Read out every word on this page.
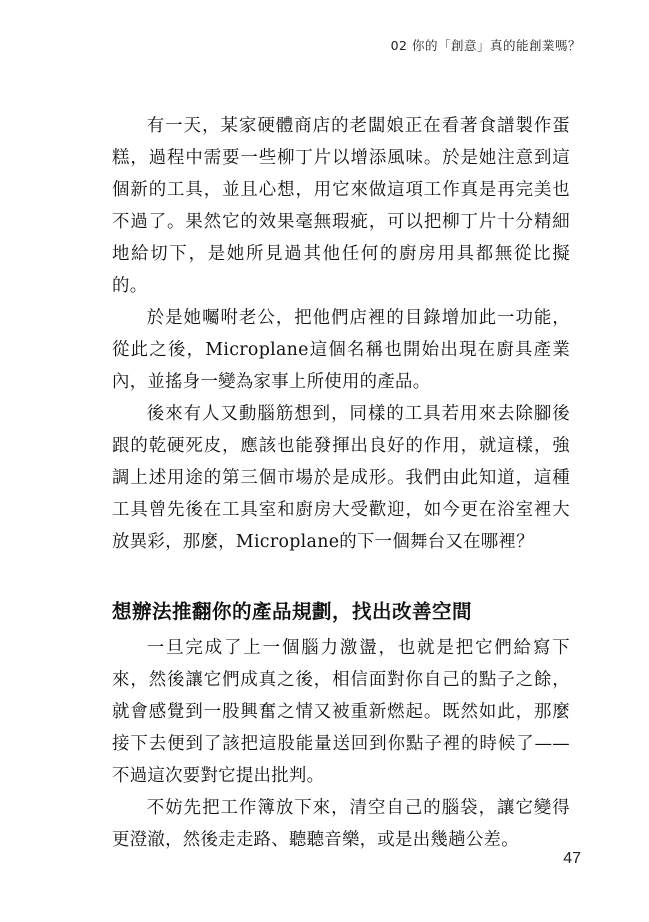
02 你的「創意」真的能創業嗎？

有一天，某家硬體商店的老闆娘正在看著食譜製作蛋糕，過程中需要一些柳丁片以增添風味。於是她注意到這個新的工具，並且心想，用它來做這項工作真是再完美也不過了。果然它的效果毫無瑕疵，可以把柳丁片十分精細地給切下，是她所見過其他任何的廚房用具都無從比擬的。

於是她囑咐老公，把他們店裡的目錄增加此一功能，從此之後，Microplane這個名稱也開始出現在廚具產業內，並搖身一變為家事上所使用的產品。

後來有人又動腦筋想到，同樣的工具若用來去除腳後跟的乾硬死皮，應該也能發揮出良好的作用，就這樣，強調上述用途的第三個市場於是成形。我們由此知道，這種工具曾先後在工具室和廚房大受歡迎，如今更在浴室裡大放異彩，那麼，Microplane的下一個舞台又在哪裡？

想辦法推翻你的產品規劃，找出改善空間

一旦完成了上一個腦力激盪，也就是把它們給寫下來，然後讓它們成真之後，相信面對你自己的點子之餘，就會感覺到一股興奮之情又被重新燃起。既然如此，那麼接下去便到了該把這股能量送回到你點子裡的時候了——不過這次要對它提出批判。

不妨先把工作簿放下來，清空自己的腦袋，讓它變得更澄澈，然後走走路、聽聽音樂，或是出幾趟公差。

47
